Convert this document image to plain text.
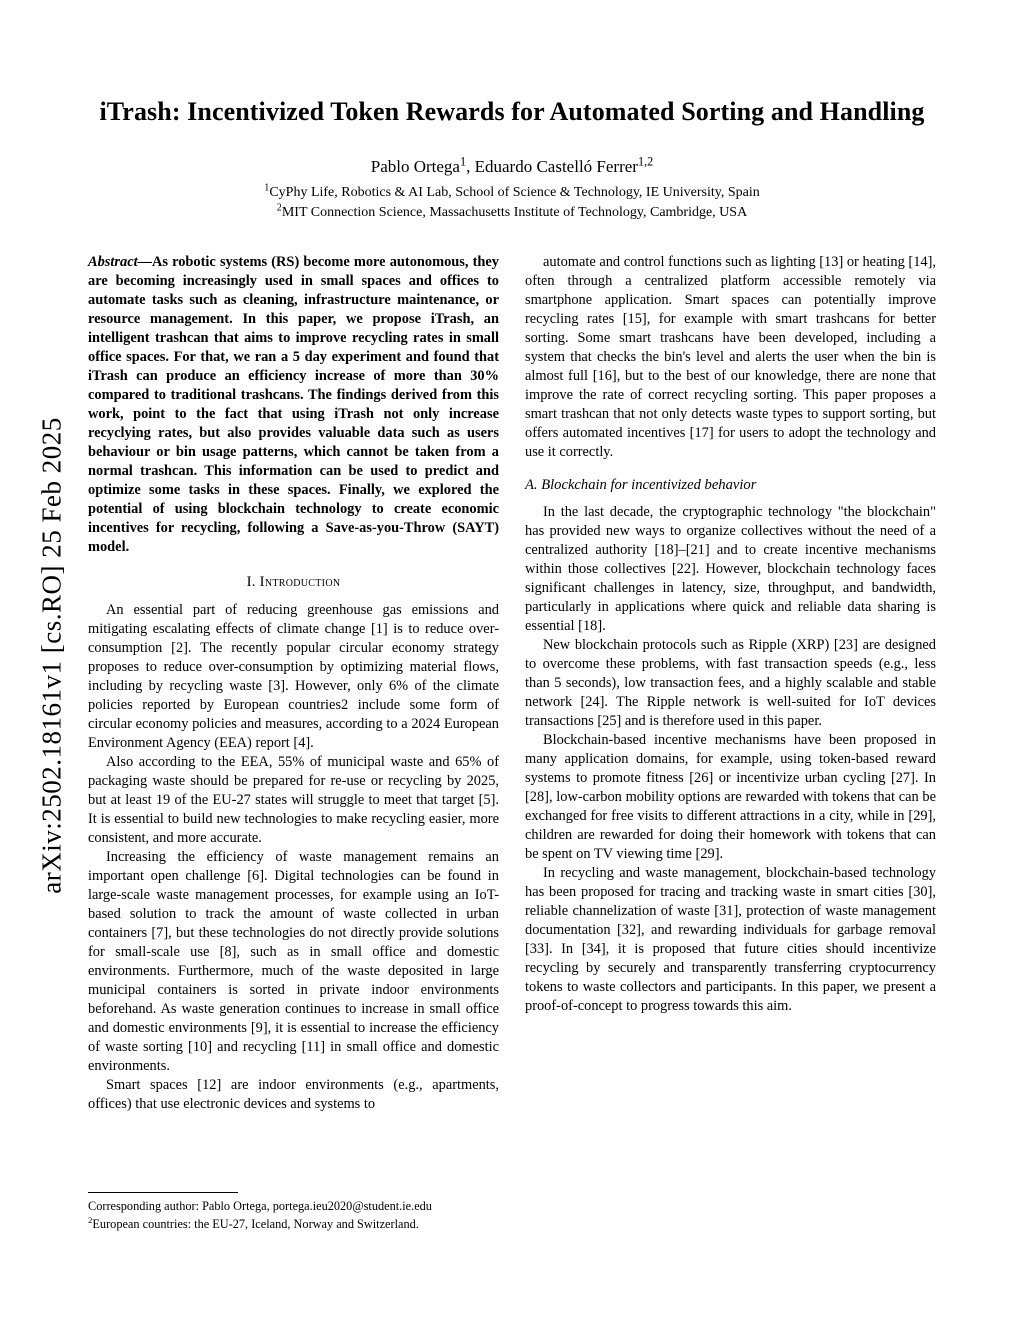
arXiv:2502.18161v1 [cs.RO] 25 Feb 2025
iTrash: Incentivized Token Rewards for Automated Sorting and Handling
Pablo Ortega$^1$, Eduardo Castelló Ferrer$^{1,2}$

$^1$CyPhy Life, Robotics & AI Lab, School of Science & Technology, IE University, Spain

$^2$MIT Connection Science, Massachusetts Institute of Technology, Cambridge, USA

Abstract—As robotic systems (RS) become more autonomous, they are becoming increasingly used in small spaces and offices to automate tasks such as cleaning, infrastructure maintenance, or resource management. In this paper, we propose iTrash, an intelligent trashcan that aims to improve recycling rates in small office spaces. For that, we ran a 5 day experiment and found that iTrash can produce an efficiency increase of more than 30% compared to traditional trashcans. The findings derived from this work, point to the fact that using iTrash not only increase recyclying rates, but also provides valuable data such as users behaviour or bin usage patterns, which cannot be taken from a normal trashcan. This information can be used to predict and optimize some tasks in these spaces. Finally, we explored the potential of using blockchain technology to create economic incentives for recycling, following a Save-as-you-Throw (SAYT) model.

I. Introduction

An essential part of reducing greenhouse gas emissions and mitigating escalating effects of climate change [1] is to reduce over-consumption [2]. The recently popular circular economy strategy proposes to reduce over-consumption by optimizing material flows, including by recycling waste [3]. However, only 6% of the climate policies reported by European countries2 include some form of circular economy policies and measures, according to a 2024 European Environment Agency (EEA) report [4].

Also according to the EEA, 55% of municipal waste and 65% of packaging waste should be prepared for re-use or recycling by 2025, but at least 19 of the EU-27 states will struggle to meet that target [5]. It is essential to build new technologies to make recycling easier, more consistent, and more accurate.

Increasing the efficiency of waste management remains an important open challenge [6]. Digital technologies can be found in large-scale waste management processes, for example using an IoT-based solution to track the amount of waste collected in urban containers [7], but these technologies do not directly provide solutions for small-scale use [8], such as in small office and domestic environments. Furthermore, much of the waste deposited in large municipal containers is sorted in private indoor environments beforehand. As waste generation continues to increase in small office and domestic environments [9], it is essential to increase the efficiency of waste sorting [10] and recycling [11] in small office and domestic environments.

Smart spaces [12] are indoor environments (e.g., apartments, offices) that use electronic devices and systems to

automate and control functions such as lighting [13] or heating [14], often through a centralized platform accessible remotely via smartphone application. Smart spaces can potentially improve recycling rates [15], for example with smart trashcans for better sorting. Some smart trashcans have been developed, including a system that checks the bin's level and alerts the user when the bin is almost full [16], but to the best of our knowledge, there are none that improve the rate of correct recycling sorting. This paper proposes a smart trashcan that not only detects waste types to support sorting, but offers automated incentives [17] for users to adopt the technology and use it correctly.

A. Blockchain for incentivized behavior

In the last decade, the cryptographic technology "the blockchain" has provided new ways to organize collectives without the need of a centralized authority [18]–[21] and to create incentive mechanisms within those collectives [22]. However, blockchain technology faces significant challenges in latency, size, throughput, and bandwidth, particularly in applications where quick and reliable data sharing is essential [18].

New blockchain protocols such as Ripple (XRP) [23] are designed to overcome these problems, with fast transaction speeds (e.g., less than 5 seconds), low transaction fees, and a highly scalable and stable network [24]. The Ripple network is well-suited for IoT devices transactions [25] and is therefore used in this paper.

Blockchain-based incentive mechanisms have been proposed in many application domains, for example, using token-based reward systems to promote fitness [26] or incentivize urban cycling [27]. In [28], low-carbon mobility options are rewarded with tokens that can be exchanged for free visits to different attractions in a city, while in [29], children are rewarded for doing their homework with tokens that can be spent on TV viewing time [29].

In recycling and waste management, blockchain-based technology has been proposed for tracing and tracking waste in smart cities [30], reliable channelization of waste [31], protection of waste management documentation [32], and rewarding individuals for garbage removal [33]. In [34], it is proposed that future cities should incentivize recycling by securely and transparently transferring cryptocurrency tokens to waste collectors and participants. In this paper, we present a proof-of-concept to progress towards this aim.

Corresponding author: Pablo Ortega, portega.ieu2020@student.ie.edu

$^2$European countries: the EU-27, Iceland, Norway and Switzerland.
